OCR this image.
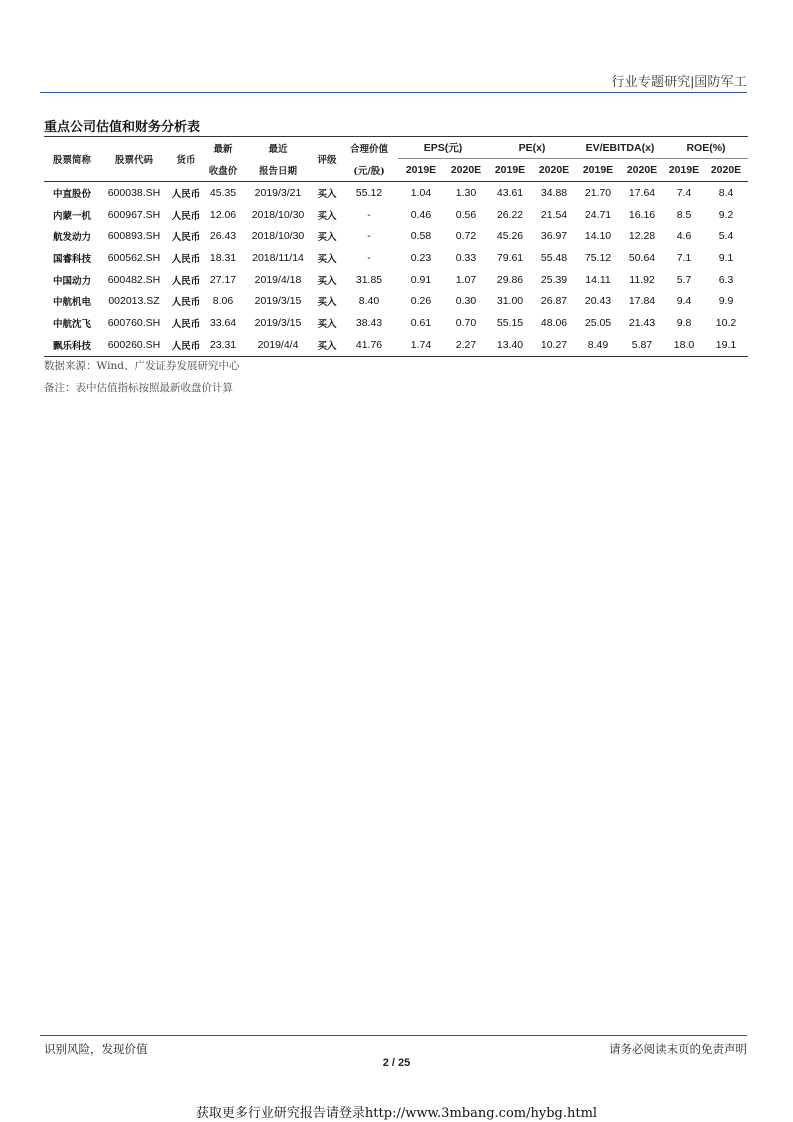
行业专题研究|国防军工
重点公司估值和财务分析表
股票简称	股票代码	货币	最新	最近	评级	合理价值	EPS(元)		PE(x)		EV/EBITDA(x)		ROE(%)	
			收盘价	报告日期		(元/股)	2019E	2020E	2019E	2020E	2019E	2020E	2019E	2020E
中直股份	600038.SH	人民币	45.35	2019/3/21	买入	55.12	1.04	1.30	43.61	34.88	21.70	17.64	7.4	8.4
内蒙一机	600967.SH	人民币	12.06	2018/10/30	买入	-	0.46	0.56	26.22	21.54	24.71	16.16	8.5	9.2
航发动力	600893.SH	人民币	26.43	2018/10/30	买入	-	0.58	0.72	45.26	36.97	14.10	12.28	4.6	5.4
国睿科技	600562.SH	人民币	18.31	2018/11/14	买入	-	0.23	0.33	79.61	55.48	75.12	50.64	7.1	9.1
中国动力	600482.SH	人民币	27.17	2019/4/18	买入	31.85	0.91	1.07	29.86	25.39	14.11	11.92	5.7	6.3
中航机电	002013.SZ	人民币	8.06	2019/3/15	买入	8.40	0.26	0.30	31.00	26.87	20.43	17.84	9.4	9.9
中航沈飞	600760.SH	人民币	33.64	2019/3/15	买入	38.43	0.61	0.70	55.15	48.06	25.05	21.43	9.8	10.2
飘乐科技	600260.SH	人民币	23.31	2019/4/4	买入	41.76	1.74	2.27	13.40	10.27	8.49	5.87	18.0	19.1
数据来源：Wind、广发证券发展研究中心
备注：表中估值指标按照最新收盘价计算
识别风险，发现价值	请务必阅读末页的免责声明
2 / 25
获取更多行业研究报告请登录http://www.3mbang.com/hybg.html
